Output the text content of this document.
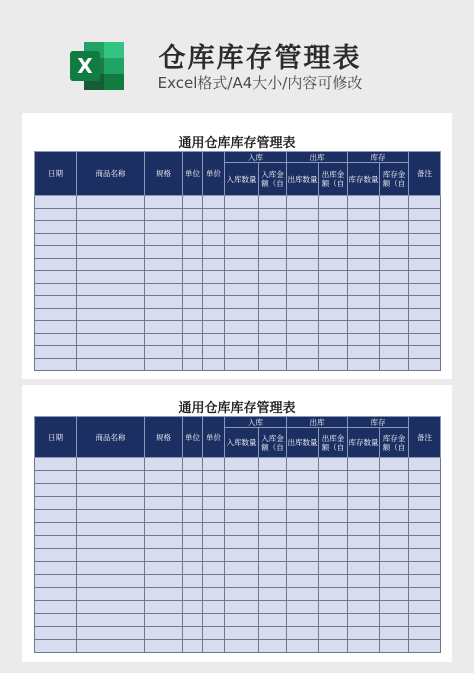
X	仓库库存管理表
Excel格式/A4大小/内容可修改
通用仓库库存管理表
日期	商品名称	规格	单位	单价	入库		出库		库存		备注
					入库数量	入库金额（自	出库数量	出库金额（自	库存数量	库存金额（自	

通用仓库库存管理表
日期	商品名称	规格	单位	单价	入库		出库		库存		备注
					入库数量	入库金额（自	出库数量	出库金额（自	库存数量	库存金额（自	
